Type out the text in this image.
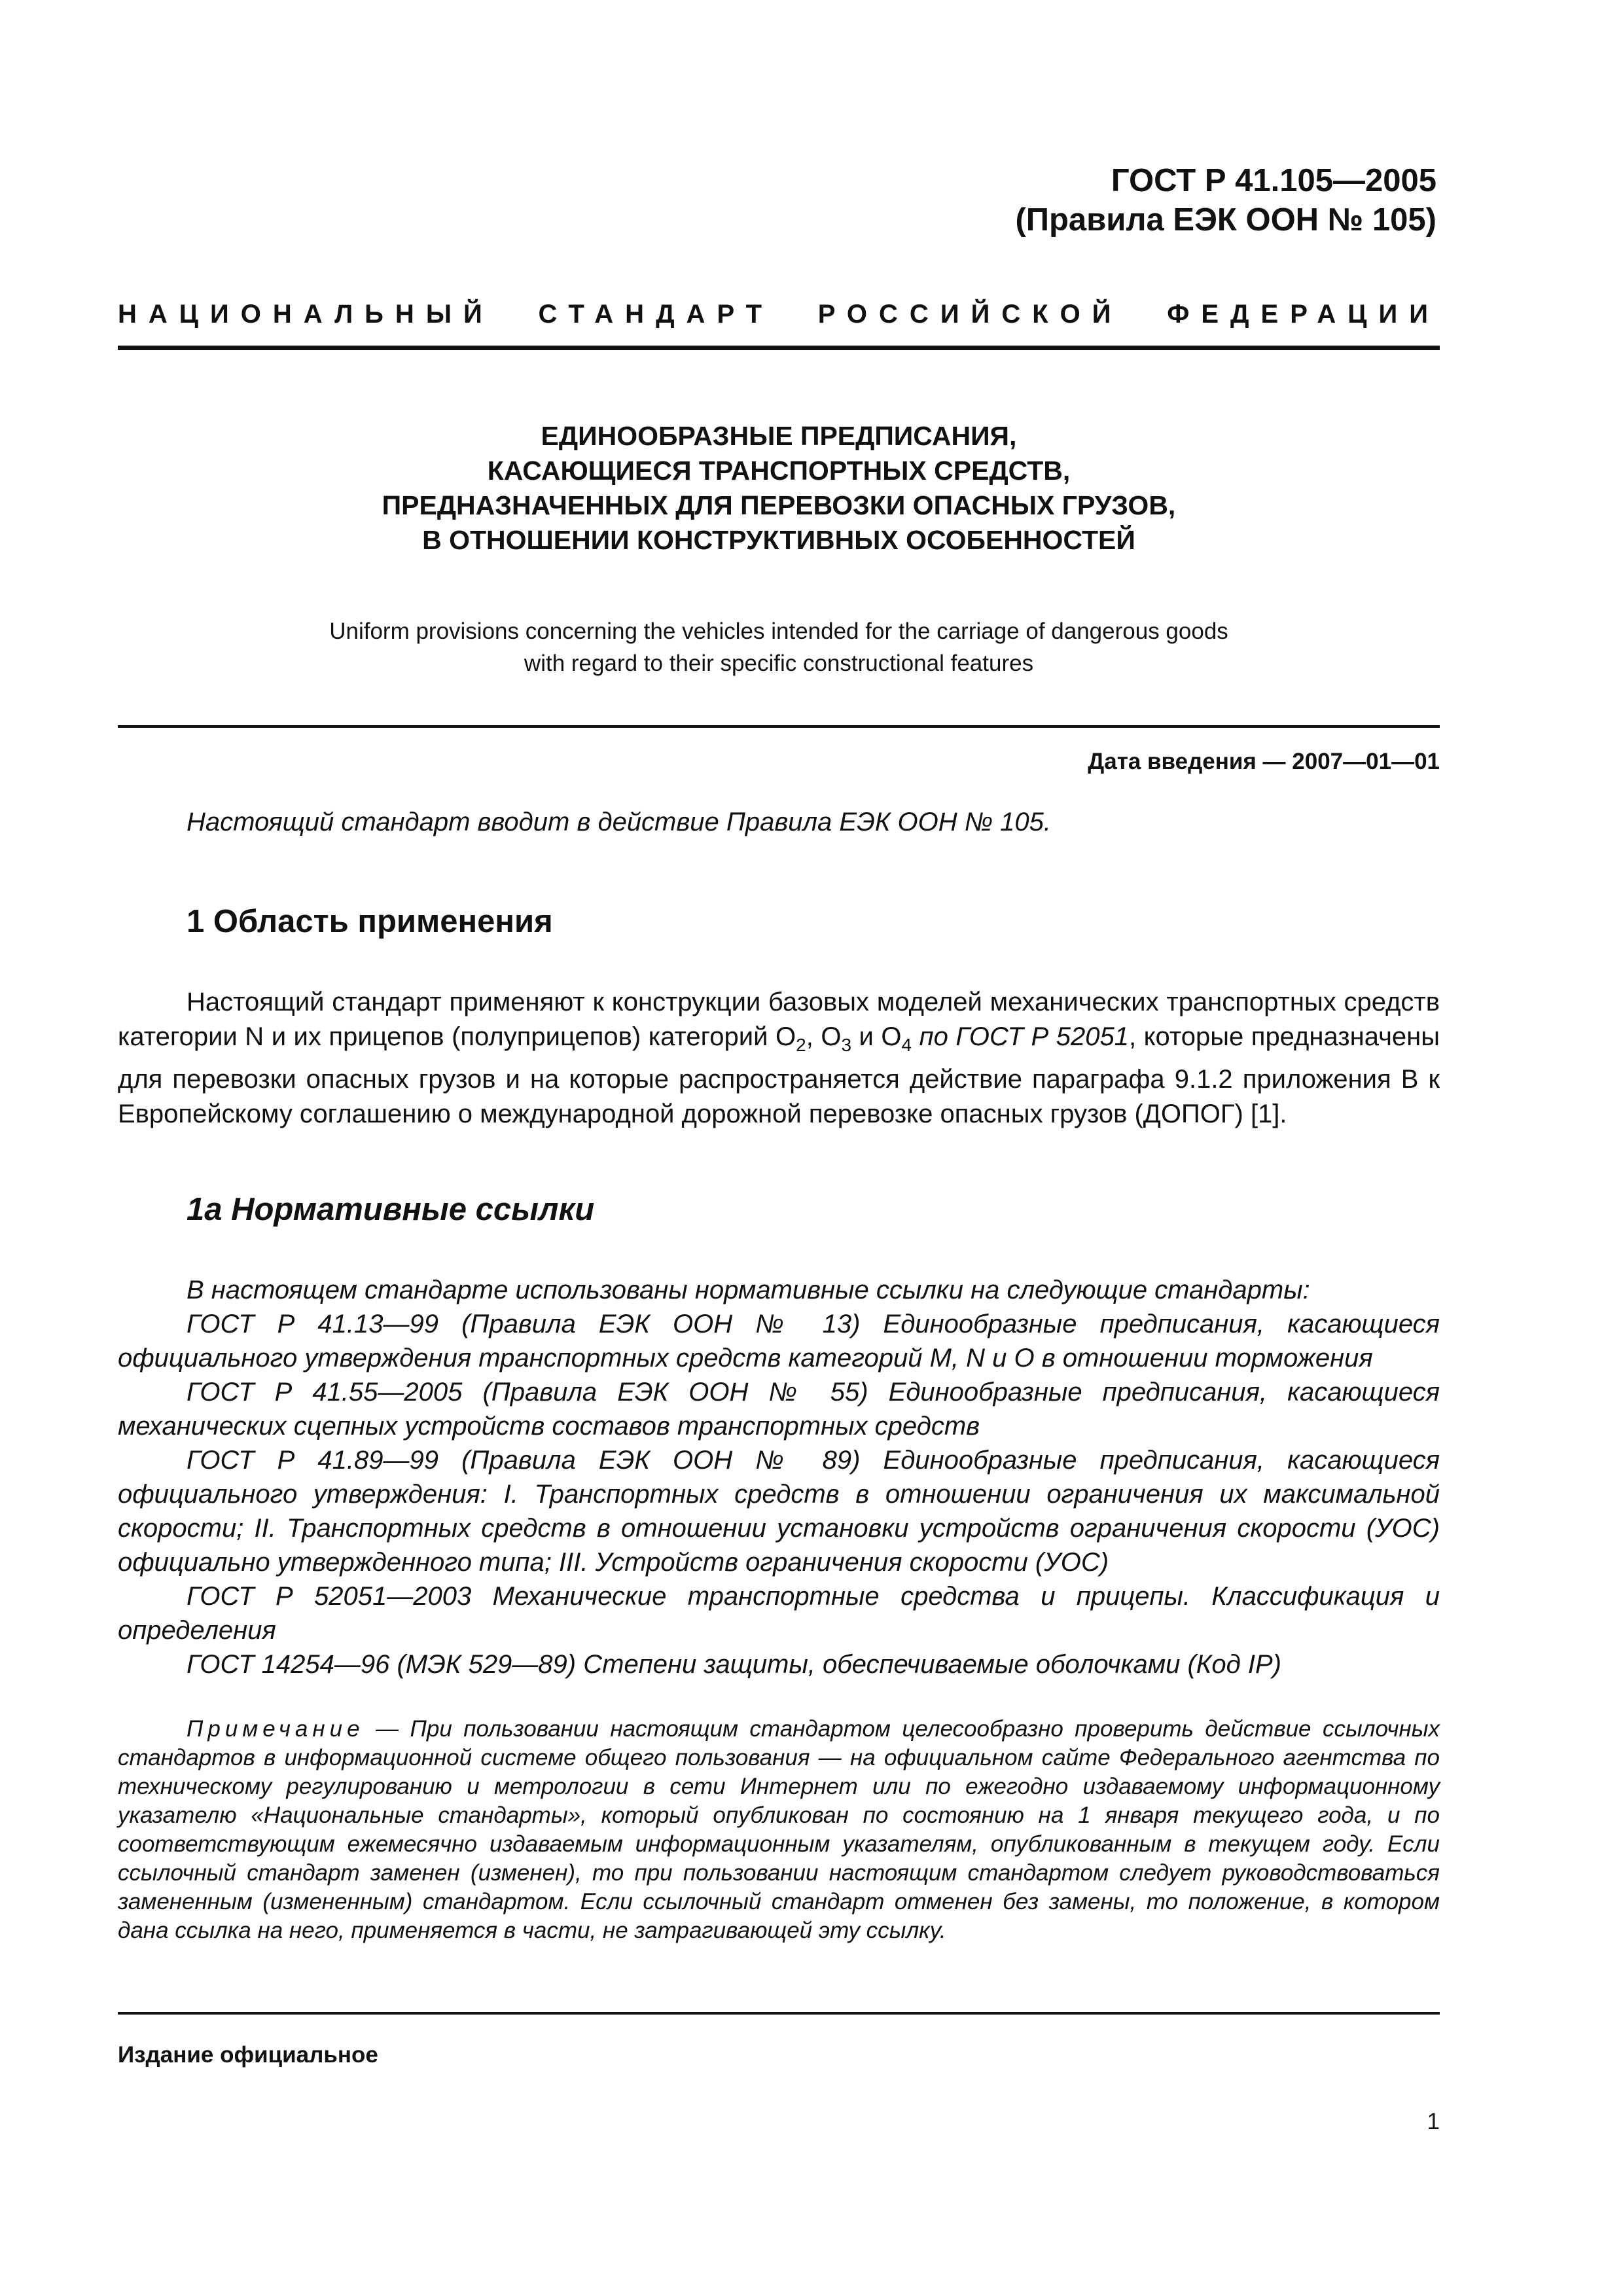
ГОСТ Р 41.105—2005
(Правила ЕЭК ООН № 105)
НАЦИОНАЛЬНЫЙ СТАНДАРТ РОССИЙСКОЙ ФЕДЕРАЦИИ
ЕДИНООБРАЗНЫЕ ПРЕДПИСАНИЯ,
КАСАЮЩИЕСЯ ТРАНСПОРТНЫХ СРЕДСТВ,
ПРЕДНАЗНАЧЕННЫХ ДЛЯ ПЕРЕВОЗКИ ОПАСНЫХ ГРУЗОВ,
В ОТНОШЕНИИ КОНСТРУКТИВНЫХ ОСОБЕННОСТЕЙ
Uniform provisions concerning the vehicles intended for the carriage of dangerous goods
with regard to their specific constructional features
Дата введения — 2007—01—01
Настоящий стандарт вводит в действие Правила ЕЭК ООН № 105.
1 Область применения
Настоящий стандарт применяют к конструкции базовых моделей механических транспортных средств категории N и их прицепов (полуприцепов) категорий $O_2$, $O_3$ и $O_4$ по ГОСТ Р 52051, которые предназначены для перевозки опасных грузов и на которые распространяется действие параграфа 9.1.2 приложения B к Европейскому соглашению о международной дорожной перевозке опасных грузов (ДОПОГ) [1].
1а Нормативные ссылки
В настоящем стандарте использованы нормативные ссылки на следующие стандарты:
ГОСТ Р 41.13—99 (Правила ЕЭК ООН № 13) Единообразные предписания, касающиеся официального утверждения транспортных средств категорий M, N и O в отношении торможения
ГОСТ Р 41.55—2005 (Правила ЕЭК ООН № 55) Единообразные предписания, касающиеся механических сцепных устройств составов транспортных средств
ГОСТ Р 41.89—99 (Правила ЕЭК ООН № 89) Единообразные предписания, касающиеся официального утверждения: I. Транспортных средств в отношении ограничения их максимальной скорости; II. Транспортных средств в отношении установки устройств ограничения скорости (УОС) официально утвержденного типа; III. Устройств ограничения скорости (УОС)
ГОСТ Р 52051—2003 Механические транспортные средства и прицепы. Классификация и определения
ГОСТ 14254—96 (МЭК 529—89) Степени защиты, обеспечиваемые оболочками (Код IP)
Примечание — При пользовании настоящим стандартом целесообразно проверить действие ссылочных стандартов в информационной системе общего пользования — на официальном сайте Федерального агентства по техническому регулированию и метрологии в сети Интернет или по ежегодно издаваемому информационному указателю «Национальные стандарты», который опубликован по состоянию на 1 января текущего года, и по соответствующим ежемесячно издаваемым информационным указателям, опубликованным в текущем году. Если ссылочный стандарт заменен (изменен), то при пользовании настоящим стандартом следует руководствоваться замененным (измененным) стандартом. Если ссылочный стандарт отменен без замены, то положение, в котором дана ссылка на него, применяется в части, не затрагивающей эту ссылку.
Издание официальное
1
